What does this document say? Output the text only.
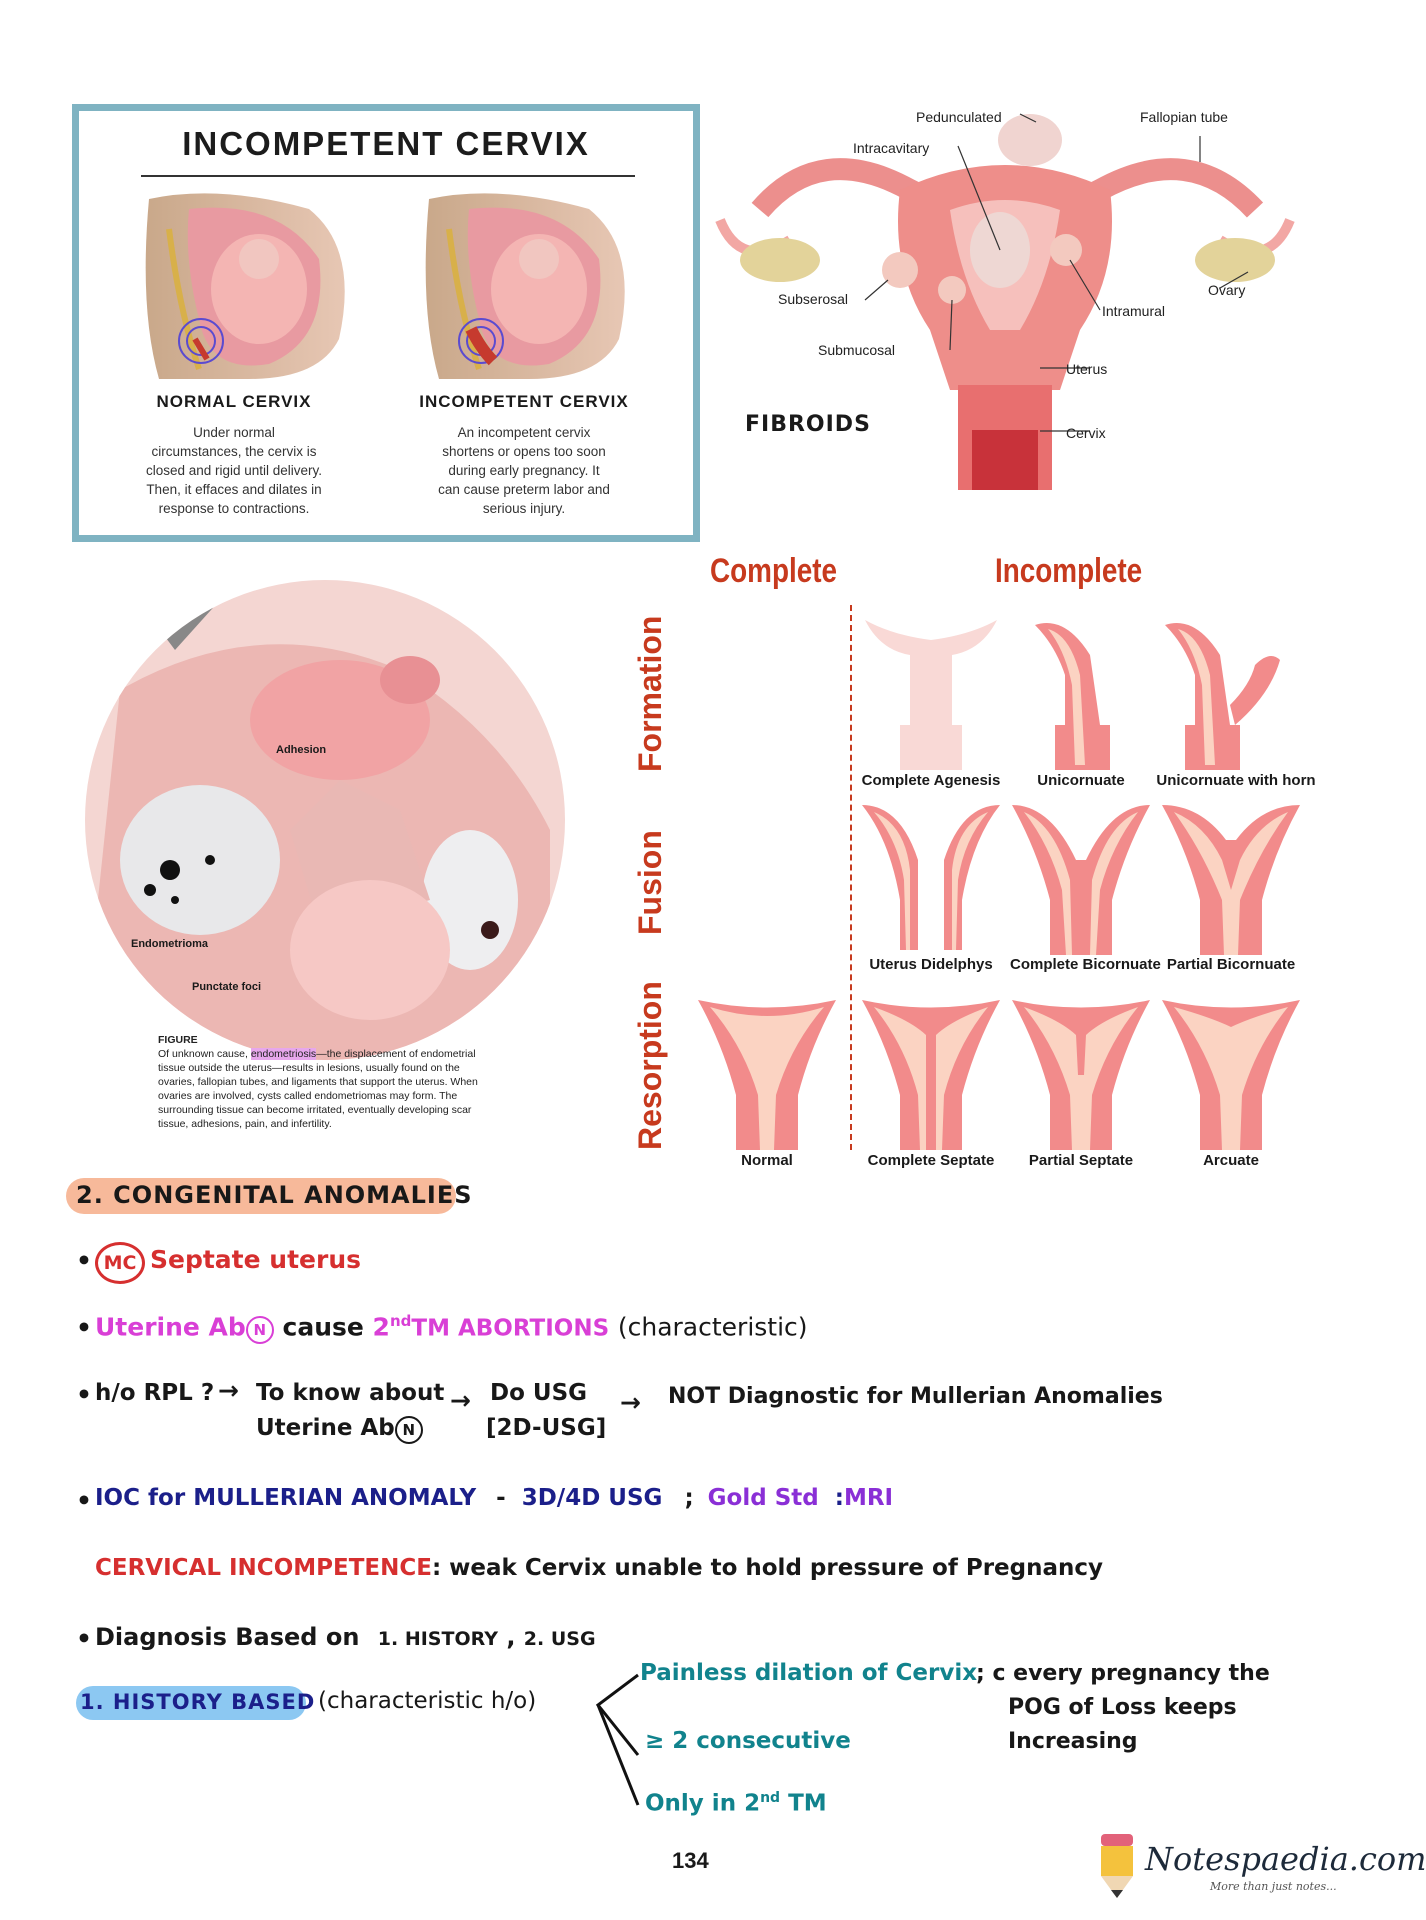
INCOMPETENT CERVIX
NORMAL CERVIX	INCOMPETENT CERVIX
Under normal
circumstances, the cervix is
closed and rigid until delivery.
Then, it effaces and dilates in
response to contractions.
An incompetent cervix
shortens or opens too soon
during early pregnancy. It
can cause preterm labor and
serious injury.
Pedunculated	Fallopian tube
Intracavitary
Subserosal
Ovary
Intramural
Submucosal
Uterus
Cervix
FIBROIDS
Adhesion
Endometrioma
Punctate foci
FIGURE
Of unknown cause, endometriosis—the displacement of endometrial
tissue outside the uterus—results in lesions, usually found on the
ovaries, fallopian tubes, and ligaments that support the uterus. When
ovaries are involved, cysts called endometriomas may form. The
surrounding tissue can become irritated, eventually developing scar
tissue, adhesions, pain, and infertility.
Complete	Incomplete
Formation
Fusion
Resorption
Complete Agenesis	Unicornuate	Unicornuate with horn
Uterus Didelphys	Complete Bicornuate Partial Bicornuate
Normal	Complete Septate	Partial Septate	Arcuate
2. CONGENITAL ANOMALIES
• MC Septate uterus
• Uterine Ab N cause 2ndTM ABORTIONS (characteristic)
• h/o RPL ? → To know about
Uterine Ab N
→ Do USG
[2D-USG]
→ NOT Diagnostic for Mullerian Anomalies
• IOC for MULLERIAN ANOMALY - 3D/4D USG ; Gold Std :MRI
CERVICAL INCOMPETENCE: weak Cervix unable to hold pressure of Pregnancy
• Diagnosis Based on 1. HISTORY , 2. USG
1. HISTORY BASED (characteristic h/o)
Painless dilation of Cervix
; c every pregnancy the
POG of Loss keeps
Increasing
≥ 2 consecutive
Only in 2nd TM
134	Notespaedia.com
More than just notes...
